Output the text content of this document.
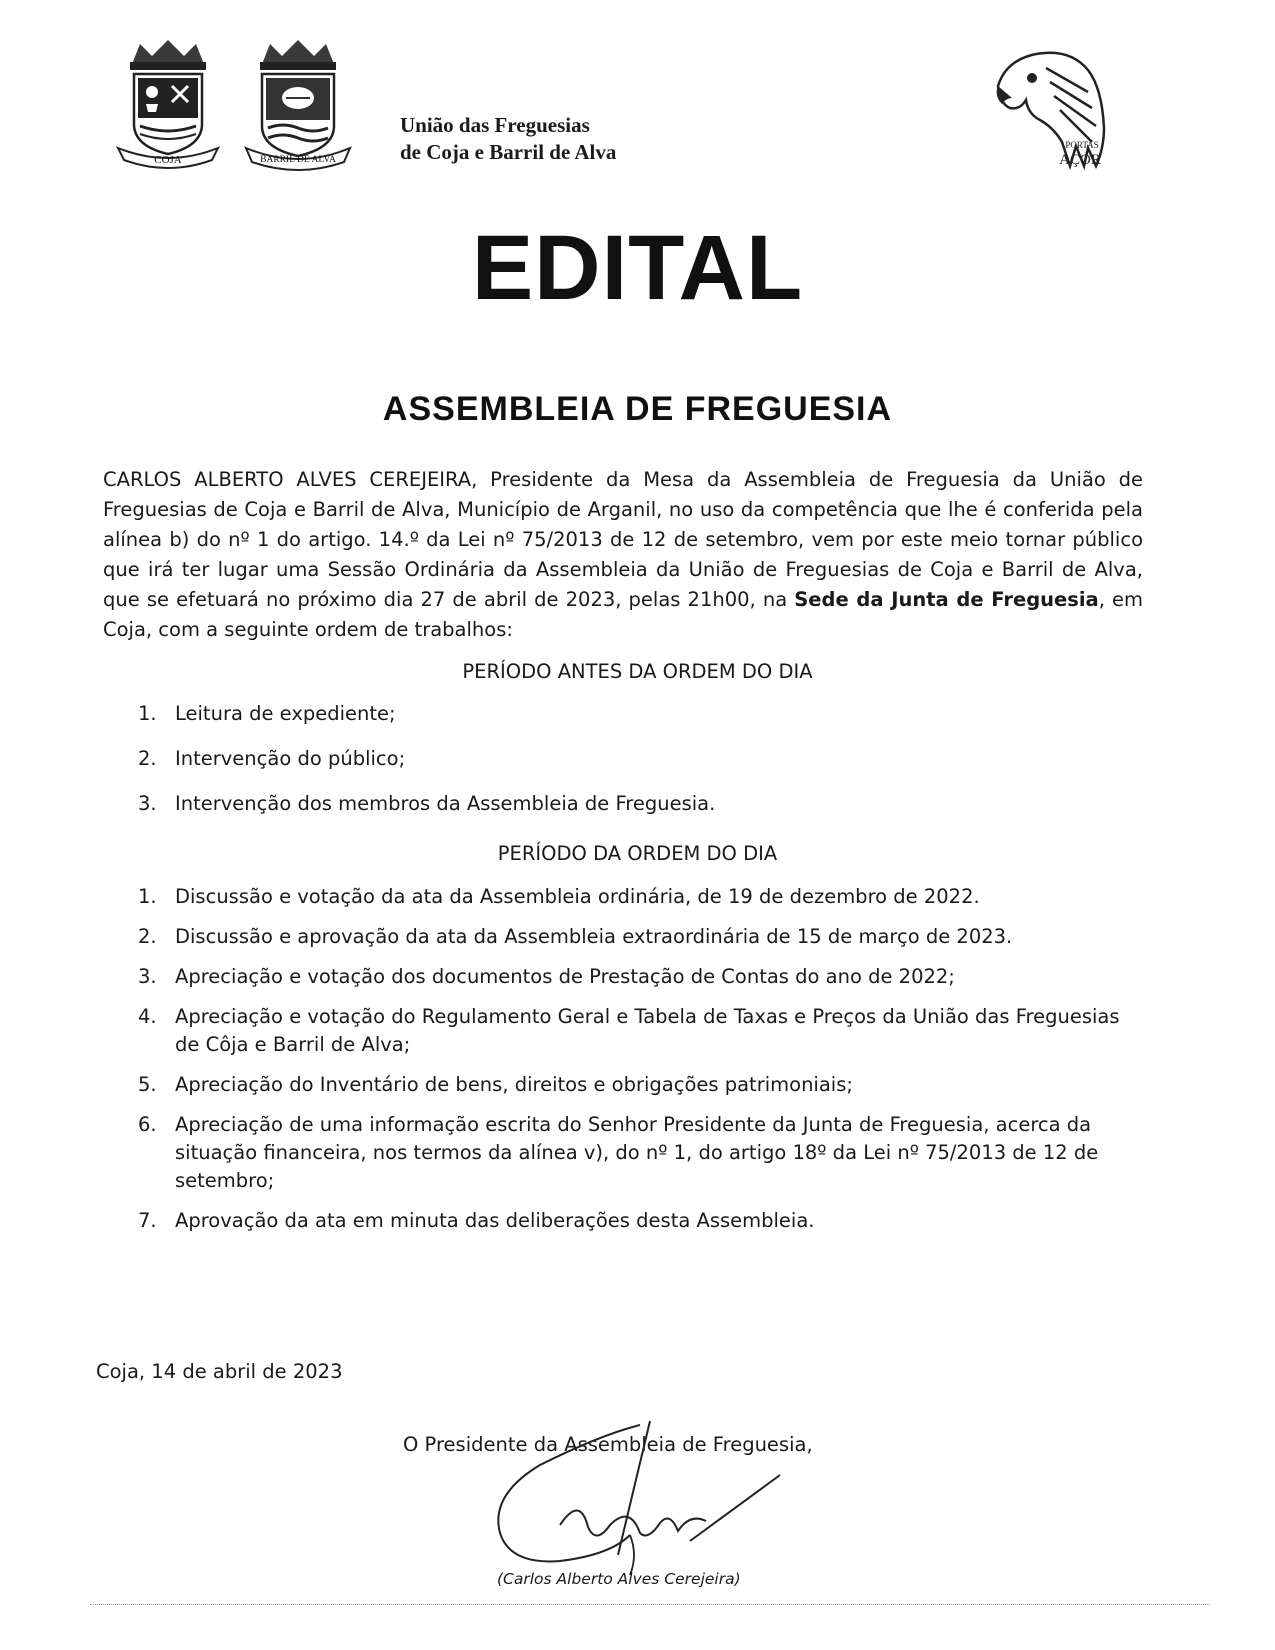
COJA	BARRIL DE ALVA
União das Freguesias
de Coja e Barril de Alva	PORTAS
AÇOR
EDITAL
ASSEMBLEIA DE FREGUESIA
CARLOS ALBERTO ALVES CEREJEIRA, Presidente da Mesa da Assembleia de Freguesia da União de Freguesias de Coja e Barril de Alva, Município de Arganil, no uso da competência que lhe é conferida pela alínea b) do nº 1 do artigo. 14.º da Lei nº 75/2013 de 12 de setembro, vem por este meio tornar público que irá ter lugar uma Sessão Ordinária da Assembleia da União de Freguesias de Coja e Barril de Alva, que se efetuará no próximo dia 27 de abril de 2023, pelas 21h00, na Sede da Junta de Freguesia, em Coja, com a seguinte ordem de trabalhos:
PERÍODO ANTES DA ORDEM DO DIA
1. Leitura de expediente;
2. Intervenção do público;
3. Intervenção dos membros da Assembleia de Freguesia.
PERÍODO DA ORDEM DO DIA
1. Discussão e votação da ata da Assembleia ordinária, de 19 de dezembro de 2022.
2. Discussão e aprovação da ata da Assembleia extraordinária de 15 de março de 2023.
3. Apreciação e votação dos documentos de Prestação de Contas do ano de 2022;
4. Apreciação e votação do Regulamento Geral e Tabela de Taxas e Preços da União das Freguesias de Côja e Barril de Alva;
5. Apreciação do Inventário de bens, direitos e obrigações patrimoniais;
6. Apreciação de uma informação escrita do Senhor Presidente da Junta de Freguesia, acerca da situação financeira, nos termos da alínea v), do nº 1, do artigo 18º da Lei nº 75/2013 de 12 de setembro;
7. Aprovação da ata em minuta das deliberações desta Assembleia.
Coja, 14 de abril de 2023
O Presidente da Assembleia de Freguesia,
(Carlos Alberto Alves Cerejeira)
